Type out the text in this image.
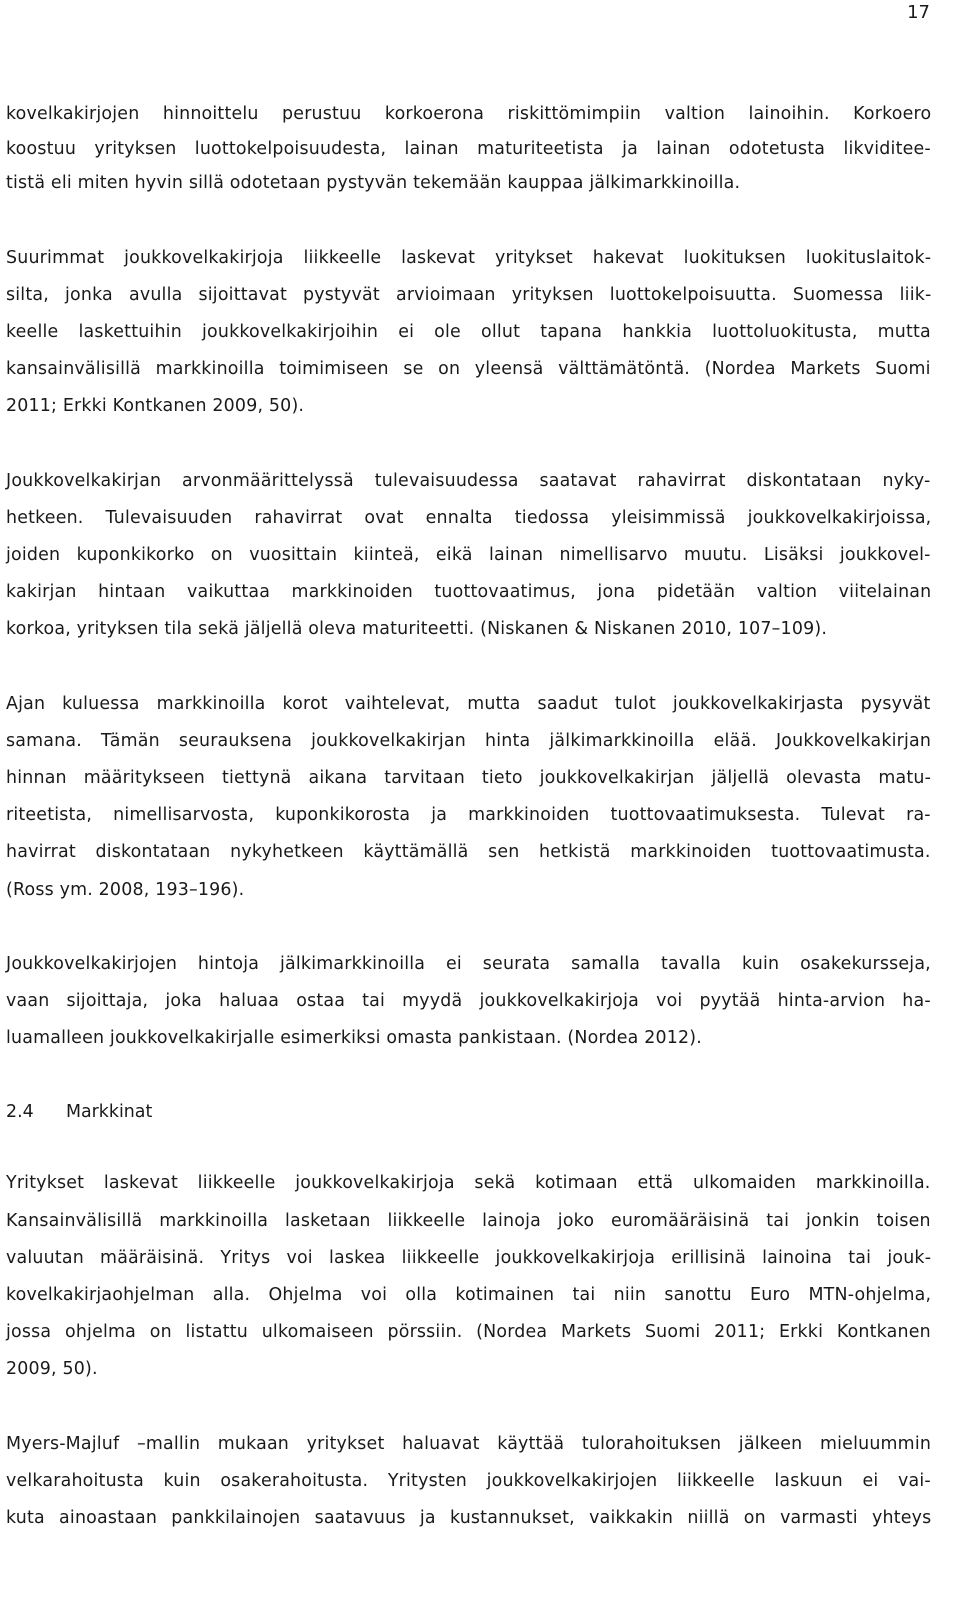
17
kovelkakirjojen hinnoittelu perustuu korkoerona riskittömimpiin valtion lainoihin. Korkoero
koostuu yrityksen luottokelpoisuudesta, lainan maturiteetista ja lainan odotetusta likviditee-
tistä eli miten hyvin sillä odotetaan pystyvän tekemään kauppaa jälkimarkkinoilla.
Suurimmat joukkovelkakirjoja liikkeelle laskevat yritykset hakevat luokituksen luokituslaitok-
silta, jonka avulla sijoittavat pystyvät arvioimaan yrityksen luottokelpoisuutta. Suomessa liik-
keelle laskettuihin joukkovelkakirjoihin ei ole ollut tapana hankkia luottoluokitusta, mutta
kansainvälisillä markkinoilla toimimiseen se on yleensä välttämätöntä. (Nordea Markets Suomi
2011; Erkki Kontkanen 2009, 50).
Joukkovelkakirjan arvonmäärittelyssä tulevaisuudessa saatavat rahavirrat diskontataan nyky-
hetkeen. Tulevaisuuden rahavirrat ovat ennalta tiedossa yleisimmissä joukkovelkakirjoissa,
joiden kuponkikorko on vuosittain kiinteä, eikä lainan nimellisarvo muutu. Lisäksi joukkovel-
kakirjan hintaan vaikuttaa markkinoiden tuottovaatimus, jona pidetään valtion viitelainan
korkoa, yrityksen tila sekä jäljellä oleva maturiteetti. (Niskanen & Niskanen 2010, 107–109).
Ajan kuluessa markkinoilla korot vaihtelevat, mutta saadut tulot joukkovelkakirjasta pysyvät
samana. Tämän seurauksena joukkovelkakirjan hinta jälkimarkkinoilla elää. Joukkovelkakirjan
hinnan määritykseen tiettynä aikana tarvitaan tieto joukkovelkakirjan jäljellä olevasta matu-
riteetista, nimellisarvosta, kuponkikorosta ja markkinoiden tuottovaatimuksesta. Tulevat ra-
havirrat diskontataan nykyhetkeen käyttämällä sen hetkistä markkinoiden tuottovaatimusta.
(Ross ym. 2008, 193–196).
Joukkovelkakirjojen hintoja jälkimarkkinoilla ei seurata samalla tavalla kuin osakekursseja,
vaan sijoittaja, joka haluaa ostaa tai myydä joukkovelkakirjoja voi pyytää hinta-arvion ha-
luamalleen joukkovelkakirjalle esimerkiksi omasta pankistaan. (Nordea 2012).
2.4	Markkinat
Yritykset laskevat liikkeelle joukkovelkakirjoja sekä kotimaan että ulkomaiden markkinoilla.
Kansainvälisillä markkinoilla lasketaan liikkeelle lainoja joko euromääräisinä tai jonkin toisen
valuutan määräisinä. Yritys voi laskea liikkeelle joukkovelkakirjoja erillisinä lainoina tai jouk-
kovelkakirjaohjelman alla. Ohjelma voi olla kotimainen tai niin sanottu Euro MTN-ohjelma,
jossa ohjelma on listattu ulkomaiseen pörssiin. (Nordea Markets Suomi 2011; Erkki Kontkanen
2009, 50).
Myers-Majluf –mallin mukaan yritykset haluavat käyttää tulorahoituksen jälkeen mieluummin
velkarahoitusta kuin osakerahoitusta. Yritysten joukkovelkakirjojen liikkeelle laskuun ei vai-
kuta ainoastaan pankkilainojen saatavuus ja kustannukset, vaikkakin niillä on varmasti yhteys
